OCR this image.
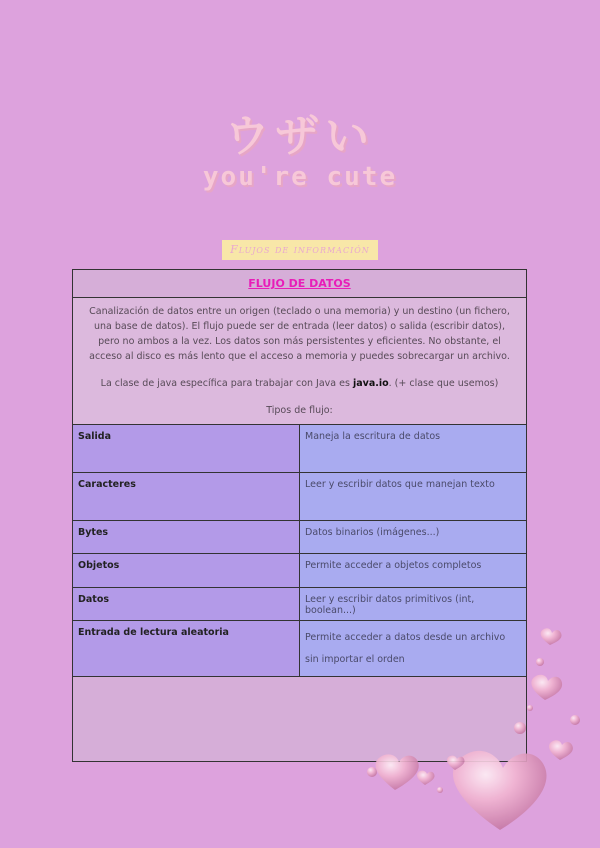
ウザい
you're cute
Flujos de información
FLUJO DE DATOS

Canalización de datos entre un origen (teclado o una memoria) y un destino (un fichero, una base de datos). El flujo puede ser de entrada (leer datos) o salida (escribir datos), pero no ambos a la vez. Los datos son más persistentes y eficientes. No obstante, el acceso al disco es más lento que el acceso a memoria y puedes sobrecargar un archivo.

La clase de java específica para trabajar con Java es java.io. (+ clase que usemos)

Tipos de flujo:

Salida	Maneja la escritura de datos
Caracteres	Leer y escribir datos que manejan texto
Bytes	Datos binarios (imágenes...)
Objetos	Permite acceder a objetos completos
Datos	Leer y escribir datos primitivos (int, boolean...)
Entrada de lectura aleatoria	Permite acceder a datos desde un archivo sin importar el orden
